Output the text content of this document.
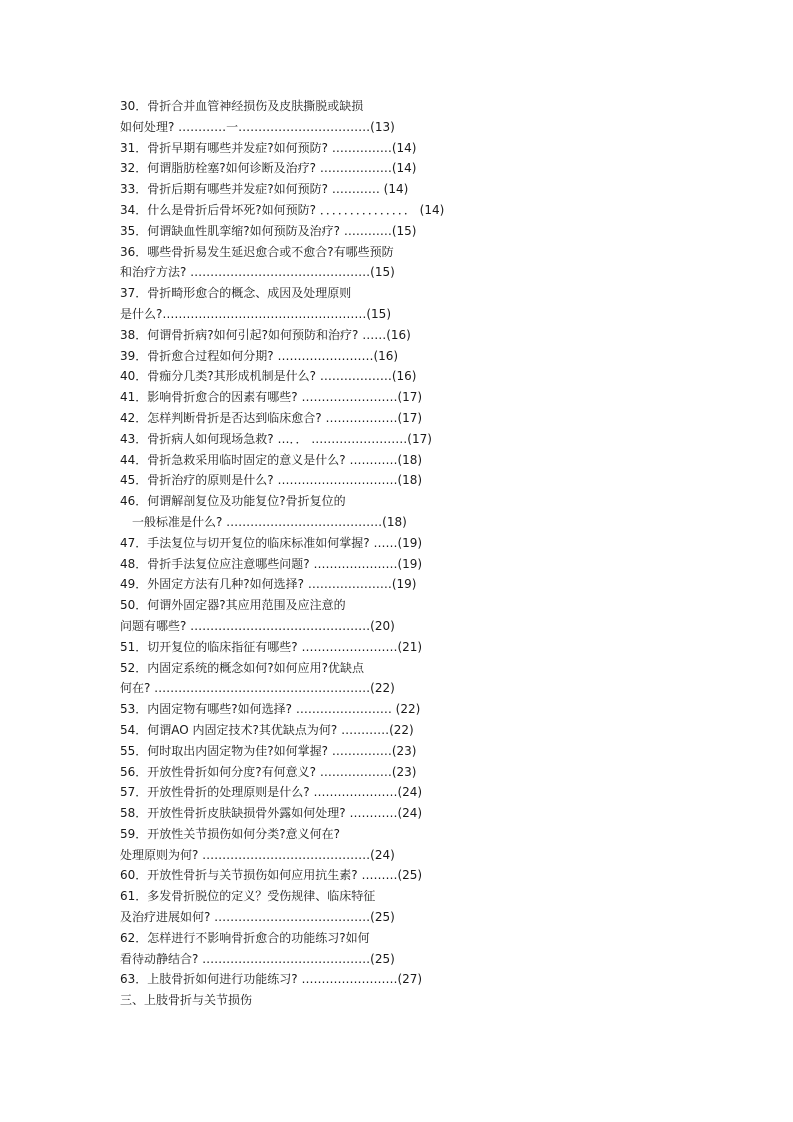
30．骨折合并血管神经损伤及皮肤撕脱或缺损
如何处理? …………一……………………………(13)
31．骨折早期有哪些并发症?如何预防? ……………(14)
32．何谓脂肪栓塞?如何诊断及治疗? ………………(14)
33．骨折后期有哪些并发症?如何预防? ………… (14)
34．什么是骨折后骨坏死?如何预防? ．．．．．．．．．．．．．．． (14)
35．何谓缺血性肌挛缩?如何预防及治疗? …………(15)
36．哪些骨折易发生延迟愈合或不愈合?有哪些预防
和治疗方法? ………………………………………(15)
37．骨折畸形愈合的概念、成因及处理原则
是什么?……………………………………………(15)
38．何谓骨折病?如何引起?如何预防和治疗? ……(16)
39．骨折愈合过程如何分期? ……………………(16)
40．骨痂分几类?其形成机制是什么? ………………(16)
41．影响骨折愈合的因素有哪些? ……………………(17)
42．怎样判断骨折是否达到临床愈合? ………………(17)
43．骨折病人如何现场急救? …．． ……………………(17)
44．骨折急救采用临时固定的意义是什么? …………(18)
45．骨折治疗的原则是什么? …………………………(18)
46．何谓解剖复位及功能复位?骨折复位的
一般标准是什么? …………………………………(18)
47．手法复位与切开复位的临床标准如何掌握? ……(19)
48．骨折手法复位应注意哪些问题? …………………(19)
49．外固定方法有几种?如何选择? …………………(19)
50．何谓外固定器?其应用范围及应注意的
问题有哪些? ………………………………………(20)
51．切开复位的临床指征有哪些? ……………………(21)
52．内固定系统的概念如何?如何应用?优缺点
何在? ………………………………………………(22)
53．内固定物有哪些?如何选择? …………………… (22)
54．何谓AO 内固定技术?其优缺点为何? …………(22)
55．何时取出内固定物为佳?如何掌握? ……………(23)
56．开放性骨折如何分度?有何意义? ………………(23)
57．开放性骨折的处理原则是什么? …………………(24)
58．开放性骨折皮肤缺损骨外露如何处理? …………(24)
59．开放性关节损伤如何分类?意义何在?
处理原则为何? ……………………………………(24)
60．开放性骨折与关节损伤如何应用抗生素? ………(25)
61．多发骨折脱位的定义？受伤规律、临床特征
及治疗进展如何? …………………………………(25)
62．怎样进行不影响骨折愈合的功能练习?如何
看待动静结合? ……………………………………(25)
63．上肢骨折如何进行功能练习? ……………………(27)
三、上肢骨折与关节损伤
